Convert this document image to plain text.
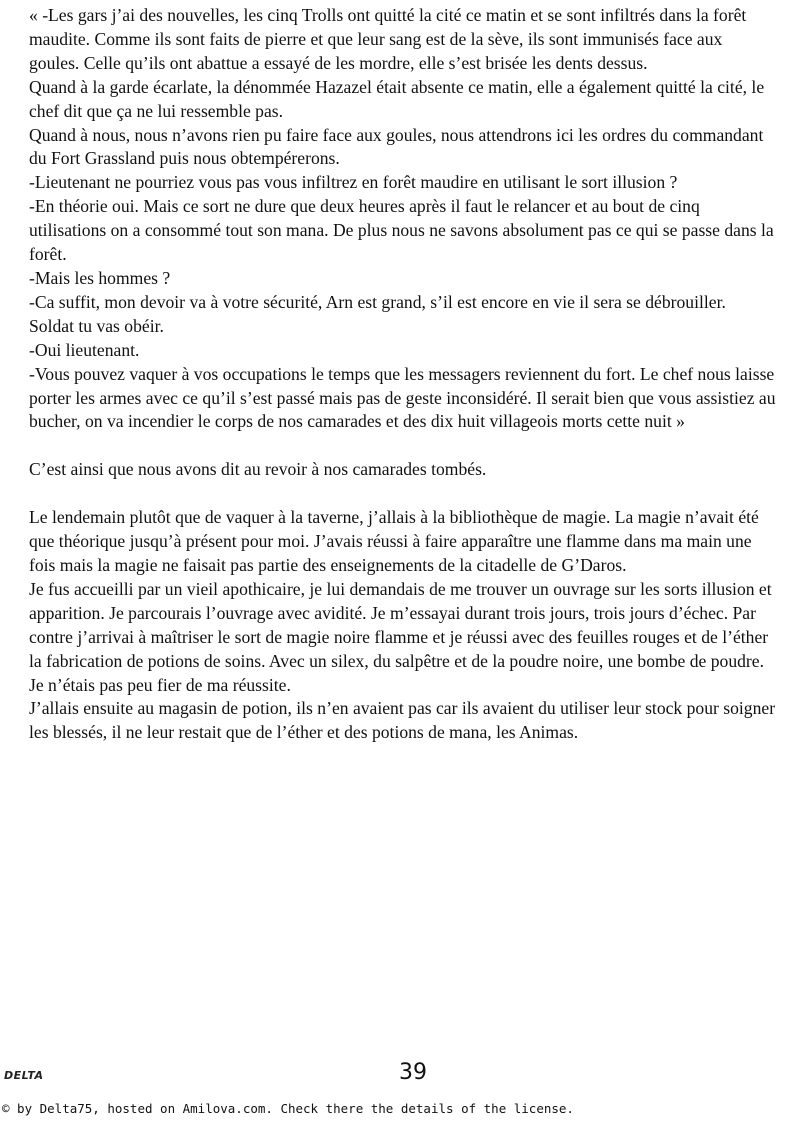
« -Les gars j’ai des nouvelles, les cinq Trolls ont quitté la cité ce matin et se sont infiltrés dans la forêt maudite. Comme ils sont faits de pierre et que leur sang est de la sève, ils sont immunisés face aux goules. Celle qu’ils ont abattue a essayé de les mordre, elle s’est brisée les dents dessus.

Quand à la garde écarlate, la dénommée Hazazel était absente ce matin, elle a également quitté la cité, le chef dit que ça ne lui ressemble pas.

Quand à nous, nous n’avons rien pu faire face aux goules, nous attendrons ici les ordres du commandant du Fort Grassland puis nous obtempérerons.

-Lieutenant ne pourriez vous pas vous infiltrez en forêt maudire en utilisant le sort illusion ?

-En théorie oui. Mais ce sort ne dure que deux heures après il faut le relancer et au bout de cinq utilisations on a consommé tout son mana. De plus nous ne savons absolument pas ce qui se passe dans la forêt.

-Mais les hommes ?

-Ca suffit, mon devoir va à votre sécurité, Arn est grand, s’il est encore en vie il sera se débrouiller.

Soldat tu vas obéir.

-Oui lieutenant.

-Vous pouvez vaquer à vos occupations le temps que les messagers reviennent du fort. Le chef nous laisse porter les armes avec ce qu’il s’est passé mais pas de geste inconsidéré. Il serait bien que vous assistiez au bucher, on va incendier le corps de nos camarades et des dix huit villageois morts cette nuit »

C’est ainsi que nous avons dit au revoir à nos camarades tombés.

Le lendemain plutôt que de vaquer à la taverne, j’allais à la bibliothèque de magie. La magie n’avait été que théorique jusqu’à présent pour moi. J’avais réussi à faire apparaître une flamme dans ma main une fois mais la magie ne faisait pas partie des enseignements de la citadelle de G’Daros.

Je fus accueilli par un vieil apothicaire, je lui demandais de me trouver un ouvrage sur les sorts illusion et apparition. Je parcourais l’ouvrage avec avidité. Je m’essayai durant trois jours, trois jours d’échec. Par contre j’arrivai à maîtriser le sort de magie noire flamme et je réussi avec des feuilles rouges et de l’éther la fabrication de potions de soins. Avec un silex, du salpêtre et de la poudre noire, une bombe de poudre. Je n’étais pas peu fier de ma réussite.

J’allais ensuite au magasin de potion, ils n’en avaient pas car ils avaient du utiliser leur stock pour soigner les blessés, il ne leur restait que de l’éther et des potions de mana, les Animas.

DELTA	39
© by Delta75, hosted on Amilova.com. Check there the details of the license.
